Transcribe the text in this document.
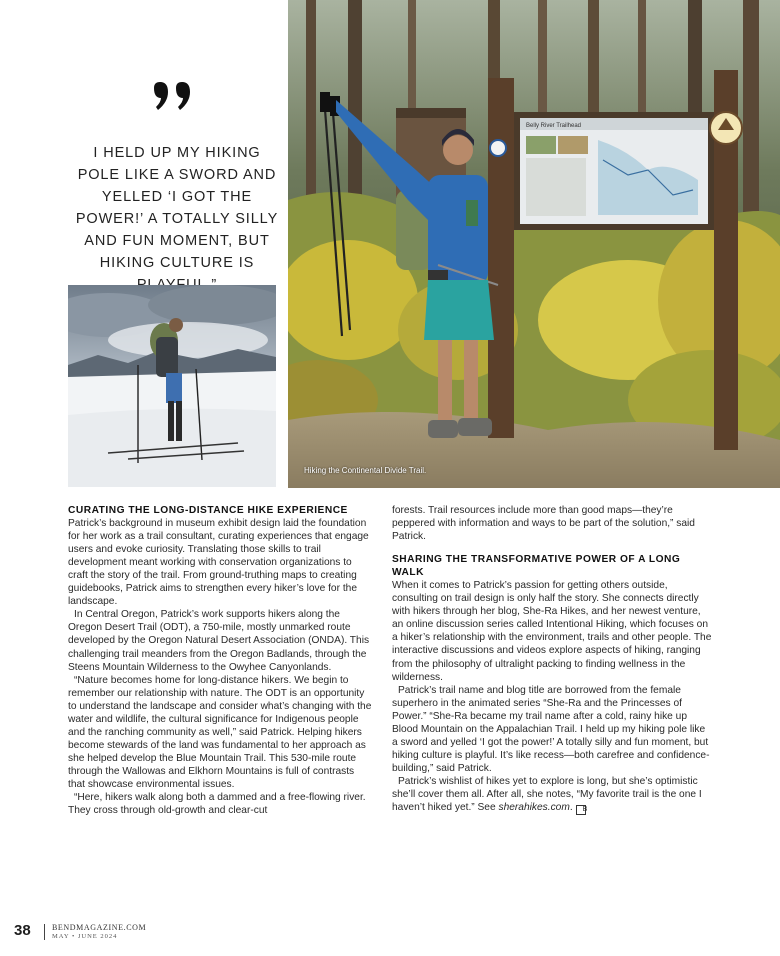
I HELD UP MY HIKING POLE LIKE A SWORD AND YELLED ‘I GOT THE POWER!’ A TOTALLY SILLY AND FUN MOMENT, BUT HIKING CULTURE IS
Belly River Trailhead
Hiking the Continental Divide Trail.
CURATING THE LONG-DISTANCE HIKE EXPERIENCE

Patrick’s background in museum exhibit design laid the foundation for her work as a trail consultant, curating experiences that engage users and evoke curiosity. Translating those skills to trail development meant working with conservation organizations to craft the story of the trail. From ground-truthing maps to creating guidebooks, Patrick aims to strengthen every hiker’s love for the landscape.

In Central Oregon, Patrick’s work supports hikers along the Oregon Desert Trail (ODT), a 750-mile, mostly unmarked route developed by the Oregon Natural Desert Association (ONDA). This challenging trail meanders from the Oregon Badlands, through the Steens Mountain Wilderness to the Owyhee Canyonlands.

“Nature becomes home for long-distance hikers. We begin to remember our relationship with nature. The ODT is an opportunity to understand the landscape and consider what’s changing with the water and wildlife, the cultural significance for Indigenous people and the ranching community as well,” said Patrick. Helping hikers become stewards of the land was fundamental to her approach as she helped develop the Blue Mountain Trail. This 530-mile route through the Wallowas and Elkhorn Mountains is full of contrasts that showcase environmental issues.

“Here, hikers walk along both a dammed and a free-flowing river. They cross through old-growth and clear-cut

forests. Trail resources include more than good maps—they’re peppered with information and ways to be part of the solution,” said Patrick.

SHARING THE TRANSFORMATIVE POWER OF A LONG WALK

When it comes to Patrick’s passion for getting others outside, consulting on trail design is only half the story. She connects directly with hikers through her blog, She-Ra Hikes, and her newest venture, an online discussion series called Intentional Hiking, which focuses on a hiker’s relationship with the environment, trails and other people. The interactive discussions and videos explore aspects of hiking, ranging from the philosophy of ultralight packing to finding wellness in the wilderness.

Patrick’s trail name and blog title are borrowed from the female superhero in the animated series “She-Ra and the Princesses of Power.” “She-Ra became my trail name after a cold, rainy hike up Blood Mountain on the Appalachian Trail. I held up my hiking pole like a sword and yelled ‘I got the power!’ A totally silly and fun moment, but hiking culture is playful. It’s like recess—both carefree and confidence-building,” said Patrick.

Patrick’s wishlist of hikes yet to explore is long, but she’s optimistic she’ll cover them all. After all, she notes, “My favorite trail is the one I haven’t hiked yet.” See sherahikes.com. B

38	BENDMAGAZINE.COM
MAY • JUNE 2024
